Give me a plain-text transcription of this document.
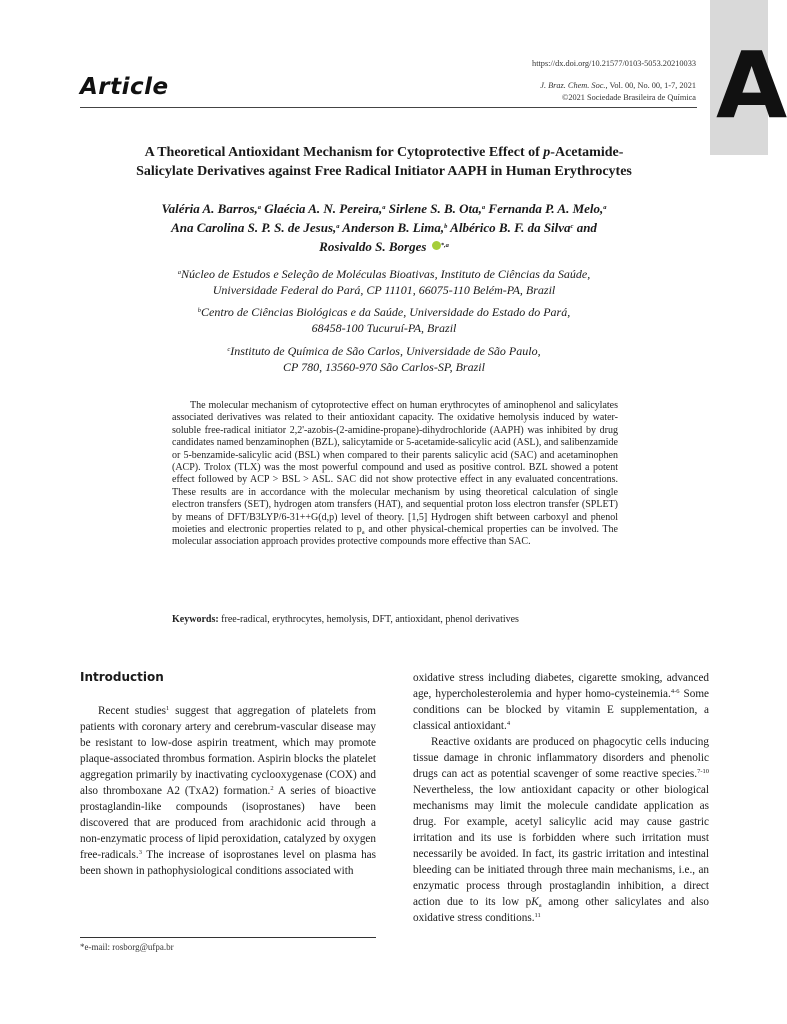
A
Article
https://dx.doi.org/10.21577/0103-5053.20210033
J. Braz. Chem. Soc., Vol. 00, No. 00, 1-7, 2021
©2021 Sociedade Brasileira de Química
A Theoretical Antioxidant Mechanism for Cytoprotective Effect of p-Acetamide-
Salicylate Derivatives against Free Radical Initiator AAPH in Human Erythrocytes
Valéria A. Barros,$^a$ Glaécia A. N. Pereira,$^a$ Sirlene S. B. Ota,$^a$ Fernanda P. A. Melo,$^a$
Ana Carolina S. P. S. de Jesus,$^a$ Anderson B. Lima,$^b$ Albérico B. F. da Silva$^c$ and
Rosivaldo S. Borges $^{*,a}$
$^a$Núcleo de Estudos e Seleção de Moléculas Bioativas, Instituto de Ciências da Saúde,
Universidade Federal do Pará, CP 11101, 66075-110 Belém-PA, Brazil
$^b$Centro de Ciências Biológicas e da Saúde, Universidade do Estado do Pará,
68458-100 Tucuruí-PA, Brazil
$^c$Instituto de Química de São Carlos, Universidade de São Paulo,
CP 780, 13560-970 São Carlos-SP, Brazil

The molecular mechanism of cytoprotective effect on human erythrocytes of aminophenol and salicylates associated derivatives was related to their antioxidant capacity. The oxidative hemolysis induced by water-soluble free-radical initiator 2,2'-azobis-(2-amidine-propane)-dihydrochloride (AAPH) was inhibited by drug candidates named benzaminophen (BZL), salicytamide or 5-acetamide-salicylic acid (ASL), and salibenzamide or 5-benzamide-salicylic acid (BSL) when compared to their parents salicylic acid (SAC) and acetaminophen (ACP). Trolox (TLX) was the most powerful compound and used as positive control. BZL showed a potent effect followed by ACP > BSL > ASL. SAC did not show protective effect in any evaluated concentrations. These results are in accordance with the molecular mechanism by using theoretical calculation of single electron transfers (SET), hydrogen atom transfers (HAT), and sequential proton loss electron transfer (SPLET) by means of DFT/B3LYP/6-31++G(d,p) level of theory. [1,5] Hydrogen shift between carboxyl and phenol moieties and electronic properties related to $p_a$ and other physical-chemical properties can be involved. The molecular association approach provides protective compounds more effective than SAC.

Keywords: free-radical, erythrocytes, hemolysis, DFT, antioxidant, phenol derivatives
Introduction

Recent studies$^1$ suggest that aggregation of platelets from patients with coronary artery and cerebrum-vascular disease may be resistant to low-dose aspirin treatment, which may promote plaque-associated thrombus formation. Aspirin blocks the platelet aggregation primarily by inactivating cyclooxygenase (COX) and also thromboxane A2 (TxA2) formation.$^2$ A series of bioactive prostaglandin-like compounds (isoprostanes) have been discovered that are produced from arachidonic acid through a non-enzymatic process of lipid peroxidation, catalyzed by oxygen free-radicals.$^3$ The increase of isoprostanes level on plasma has been shown in pathophysiological conditions associated with

oxidative stress including diabetes, cigarette smoking, advanced age, hypercholesterolemia and hyper homo-cysteinemia.$^{4-6}$ Some conditions can be blocked by vitamin E supplementation, a classical antioxidant.$^4$

Reactive oxidants are produced on phagocytic cells inducing tissue damage in chronic inflammatory disorders and phenolic drugs can act as potential scavenger of some reactive species.$^{7-10}$ Nevertheless, the low antioxidant capacity or other biological mechanisms may limit the molecule candidate application as drug. For example, acetyl salicylic acid may cause gastric irritation and its use is forbidden where such irritation must necessarily be avoided. In fact, its gastric irritation and intestinal bleeding can be initiated through three main mechanisms, i.e., an enzymatic process through prostaglandin inhibition, a direct action due to its low $pK_a$ among other salicylates and also oxidative stress conditions.$^{11}$

*e-mail: rosborg@ufpa.br
